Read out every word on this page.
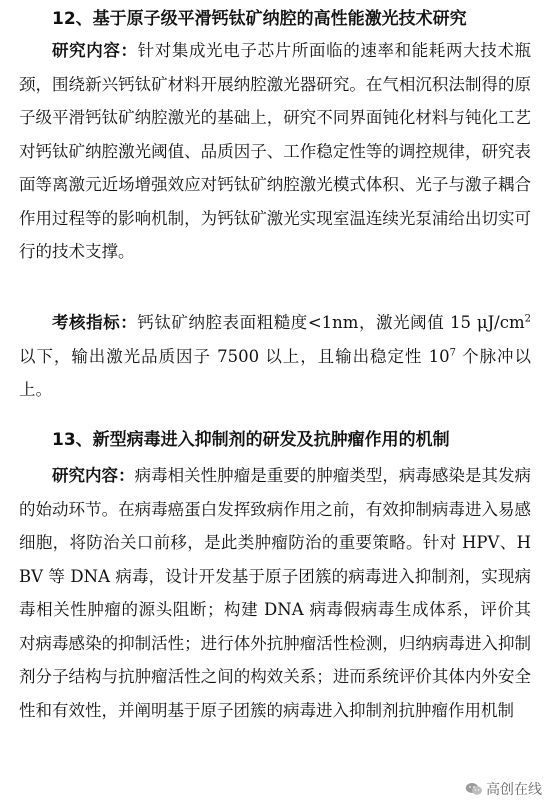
12、基于原子级平滑钙钛矿纳腔的高性能激光技术研究
研究内容：针对集成光电子芯片所面临的速率和能耗两大技术瓶颈，围绕新兴钙钛矿材料开展纳腔激光器研究。在气相沉积法制得的原子级平滑钙钛矿纳腔激光的基础上，研究不同界面钝化材料与钝化工艺对钙钛矿纳腔激光阈值、品质因子、工作稳定性等的调控规律，研究表面等离激元近场增强效应对钙钛矿纳腔激光模式体积、光子与激子耦合作用过程等的影响机制，为钙钛矿激光实现室温连续光泵浦给出切实可行的技术支撑。
考核指标：钙钛矿纳腔表面粗糙度<1nm，激光阈值 15 $\mu J/cm^2$以下，输出激光品质因子 7500 以上，且输出稳定性 $10^7$ 个脉冲以上。
13、新型病毒进入抑制剂的研发及抗肿瘤作用的机制
研究内容：病毒相关性肿瘤是重要的肿瘤类型，病毒感染是其发病的始动环节。在病毒癌蛋白发挥致病作用之前，有效抑制病毒进入易感细胞，将防治关口前移，是此类肿瘤防治的重要策略。针对 HPV、HBV 等 DNA 病毒，设计开发基于原子团簇的病毒进入抑制剂，实现病毒相关性肿瘤的源头阻断；构建 DNA 病毒假病毒生成体系，评价其对病毒感染的抑制活性；进行体外抗肿瘤活性检测，归纳病毒进入抑制剂分子结构与抗肿瘤活性之间的构效关系；进而系统评价其体内外安全性和有效性，并阐明基于原子团簇的病毒进入抑制剂抗肿瘤作用机制
高创在线
